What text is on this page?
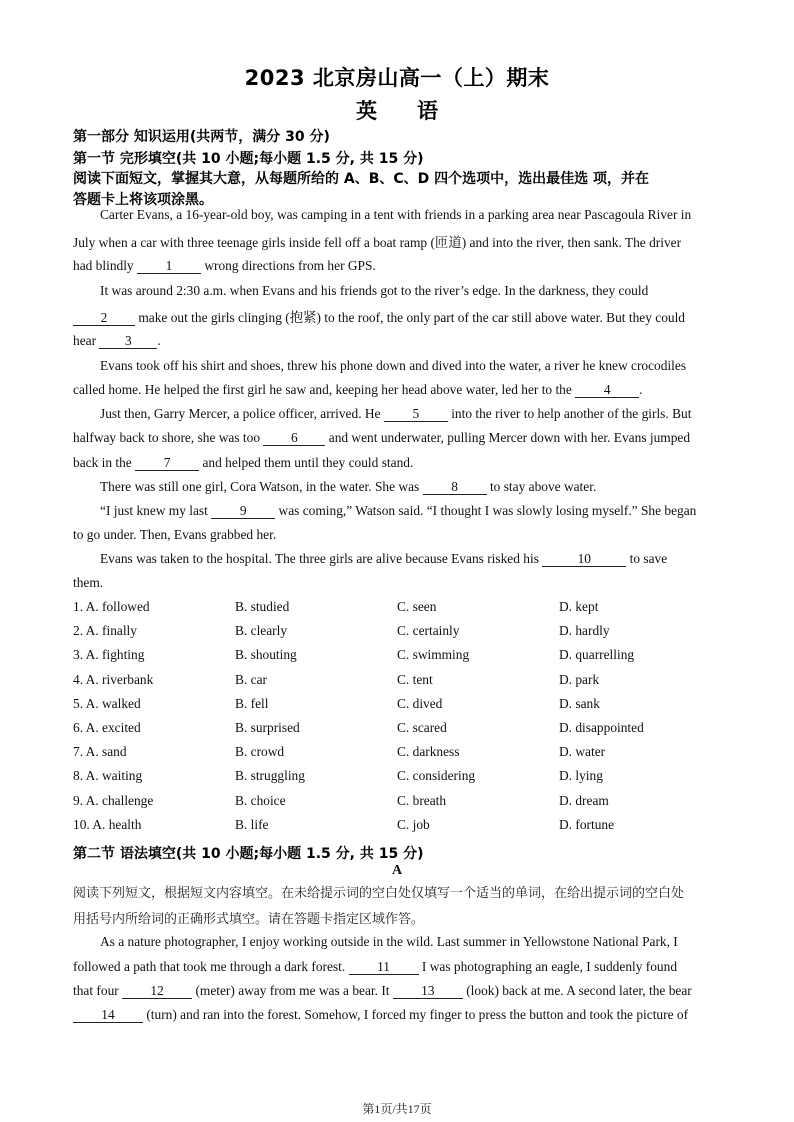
2023 北京房山高一（上）期末
英 语
第一部分 知识运用(共两节，满分 30 分)
第一节 完形填空(共 10 小题;每小题 1.5 分, 共 15 分)
阅读下面短文，掌握其大意，从每题所给的 A、B、C、D 四个选项中，选出最佳选 项，并在
答题卡上将该项涂黑。
Carter Evans, a 16-year-old boy, was camping in a tent with friends in a parking area near Pascagoula River in
July when a car with three teenage girls inside fell off a boat ramp (匝道) and into the river, then sank. The driver
had blindly 1 wrong directions from her GPS.
It was around 2:30 a.m. when Evans and his friends got to the river’s edge. In the darkness, they could
2 make out the girls clinging (抱紧) to the roof, the only part of the car still above water. But they could
hear 3 .
Evans took off his shirt and shoes, threw his phone down and dived into the water, a river he knew crocodiles
called home. He helped the first girl he saw and, keeping her head above water, led her to the 4 .
Just then, Garry Mercer, a police officer, arrived. He 5 into the river to help another of the girls. But
halfway back to shore, she was too 6 and went underwater, pulling Mercer down with her. Evans jumped
back in the 7 and helped them until they could stand.
There was still one girl, Cora Watson, in the water. She was 8 to stay above water.
“I just knew my last 9 was coming,” Watson said. “I thought I was slowly losing myself.” She began
to go under. Then, Evans grabbed her.
Evans was taken to the hospital. The three girls are alive because Evans risked his	10	to save
them.
1. A. followed	B. studied	C. seen	D. kept
2. A. finally	B. clearly	C. certainly	D. hardly
3. A. fighting	B. shouting	C. swimming	D. quarrelling
4. A. riverbank	B. car	C. tent	D. park
5. A. walked	B. fell	C. dived	D. sank
6. A. excited	B. surprised	C. scared	D. disappointed
7. A. sand	B. crowd	C. darkness	D. water
8. A. waiting	B. struggling	C. considering	D. lying
9. A. challenge	B. choice	C. breath	D. dream
10. A. health	B. life	C. job	D. fortune
第二节 语法填空(共 10 小题;每小题 1.5 分, 共 15 分)
A
阅读下列短文，根据短文内容填空。在未给提示词的空白处仅填写一个适当的单词，在给出提示词的空白处
用括号内所给词的正确形式填空。请在答题卡指定区域作答。
As a nature photographer, I enjoy working outside in the wild. Last summer in Yellowstone National Park, I
followed a path that took me through a dark forest. 11 I was photographing an eagle, I suddenly found
that four 12 (meter) away from me was a bear. It 13 (look) back at me. A second later, the bear
14 (turn) and ran into the forest. Somehow, I forced my finger to press the button and took the picture of
第1页/共17页
